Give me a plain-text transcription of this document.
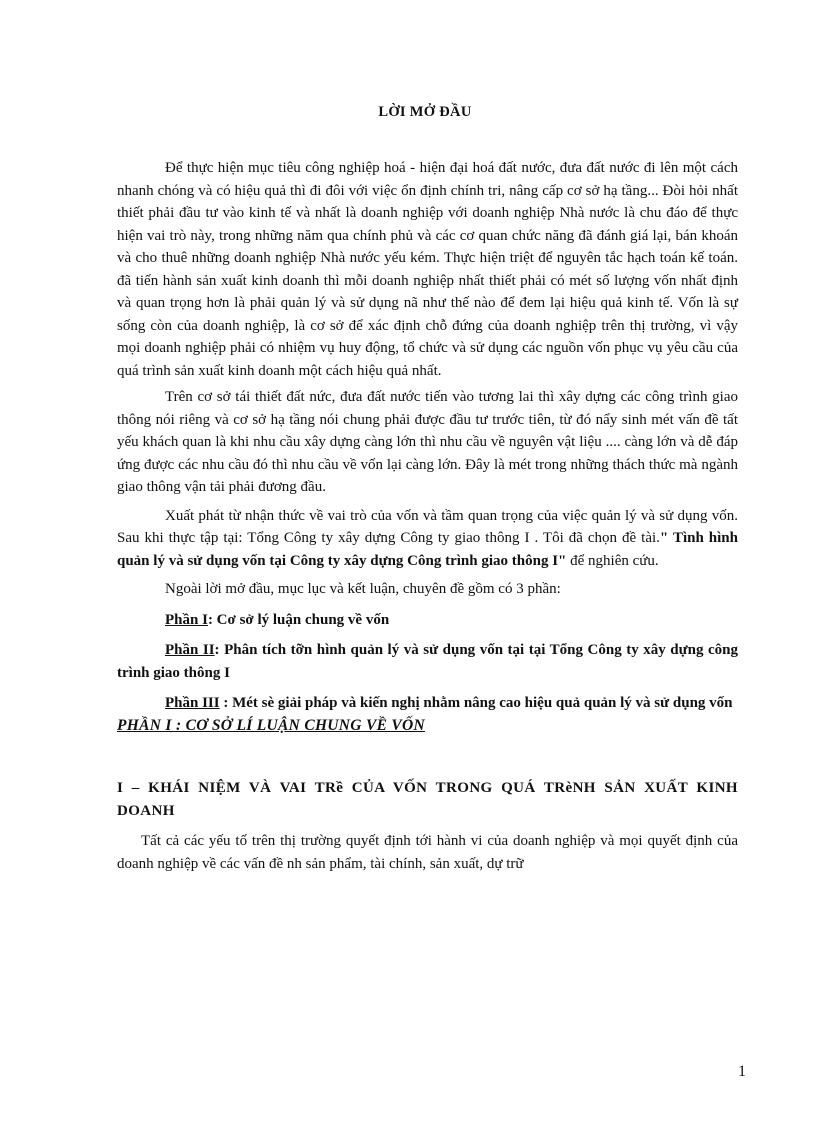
LỜI MỞ ĐẦU

Để thực hiện mục tiêu công nghiệp hoá - hiện đại hoá đất nước, đưa đất nước đi lên một cách nhanh chóng và có hiệu quả thì đi đôi với việc ổn định chính tri, nâng cấp cơ sở hạ tầng... Đòi hỏi nhất thiết phải đầu tư vào kinh tế và nhất là doanh nghiệp với doanh nghiệp Nhà nước là chu đáo để thực hiện vai trò này, trong những năm qua chính phủ và các cơ quan chức năng đã đánh giá lại, bán khoán và cho thuê những doanh nghiệp Nhà nước yếu kém. Thực hiện triệt để nguyên tắc hạch toán kế toán. đã tiến hành sản xuất kinh doanh thì mỗi doanh nghiệp nhất thiết phải có mét số lượng vốn nhất định và quan trọng hơn là phải quản lý và sử dụng nã như thế nào để đem lại hiệu quả kinh tế. Vốn là sự sống còn của doanh nghiệp, là cơ sở để xác định chỗ đứng của doanh nghiệp trên thị trường, vì vậy mọi doanh nghiệp phải có nhiệm vụ huy động, tổ chức và sử dụng các nguồn vốn phục vụ yêu cầu của quá trình sản xuất kinh doanh một cách hiệu quả nhất.

Trên cơ sở tái thiết đất nức, đưa đất nước tiến vào tương lai thì xây dựng các công trình giao thông nói riêng và cơ sở hạ tầng nói chung phải được đầu tư trước tiên, từ đó nẩy sinh mét vấn đề tất yếu khách quan là khi nhu cầu xây dựng càng lớn thì nhu cầu về nguyên vật liệu .... càng lớn và dễ đáp ứng được các nhu cầu đó thì nhu cầu về vốn lại càng lớn. Đây là mét trong những thách thức mà ngành giao thông vận tải phải đương đầu.

Xuất phát từ nhận thức về vai trò của vốn và tầm quan trọng của việc quản lý và sử dụng vốn. Sau khi thực tập tại: Tổng Công ty xây dựng Công ty giao thông I . Tôi đã chọn đề tài." Tình hình quản lý và sử dụng vốn tại Công ty xây dựng Công trình giao thông I" để nghiên cứu.

Ngoài lời mở đầu, mục lục và kết luận, chuyên đề gồm có 3 phần:

Phần I: Cơ sở lý luận chung về vốn

Phần II: Phân tích tỡn hình quản lý và sử dụng vốn tại tại Tổng Công ty xây dựng công trình giao thông I

Phần III : Mét sè giải pháp và kiến nghị nhằm nâng cao hiệu quả quản lý và sử dụng vốn

PHẦN I : CƠ SỞ LÍ LUẬN CHUNG VỀ VỐN

I – KHÁI NIỆM VÀ VAI TRề CỦA VỐN TRONG QUÁ TRèNH SẢN XUẤT KINH DOANH

Tất cả các yếu tố trên thị trường quyết định tới hành vi của doanh nghiệp và mọi quyết định của doanh nghiệp về các vấn đề nh sản phẩm, tài chính, sản xuất, dự trữ

1
